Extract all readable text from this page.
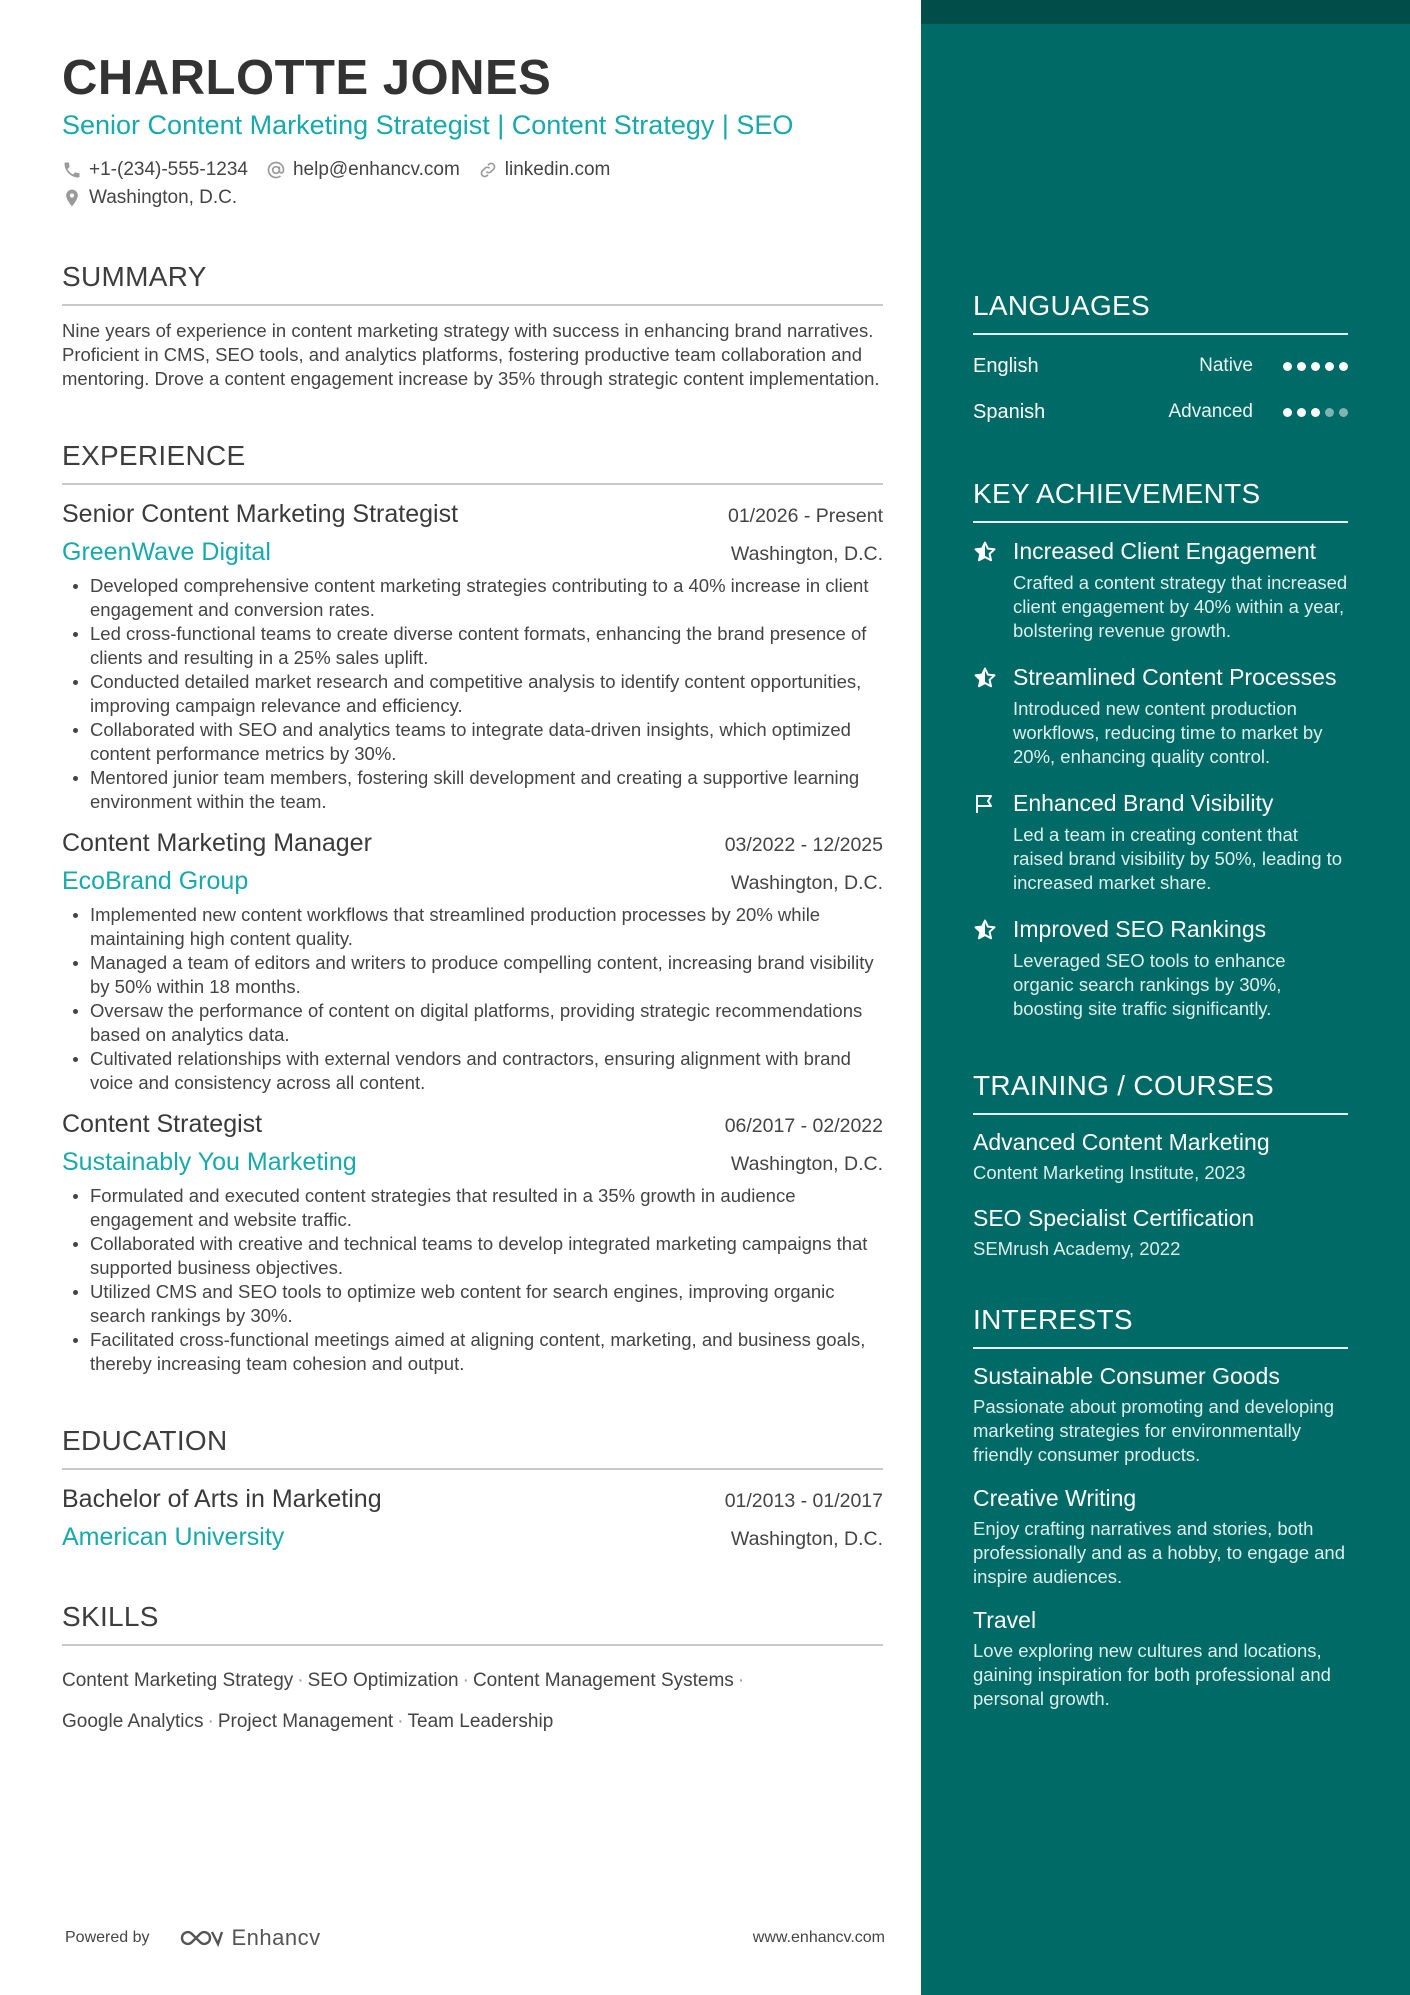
CHARLOTTE JONES
Senior Content Marketing Strategist | Content Strategy | SEO
+1-(234)-555-1234 help@enhancv.com linkedin.com
Washington, D.C.
SUMMARY
Nine years of experience in content marketing strategy with success in enhancing brand narratives. Proficient in CMS, SEO tools, and analytics platforms, fostering productive team collaboration and mentoring. Drove a content engagement increase by 35% through strategic content implementation.
EXPERIENCE
Senior Content Marketing Strategist	01/2026 - Present
GreenWave Digital	Washington, D.C.
Developed comprehensive content marketing strategies contributing to a 40% increase in client engagement and conversion rates.
Led cross-functional teams to create diverse content formats, enhancing the brand presence of clients and resulting in a 25% sales uplift.
Conducted detailed market research and competitive analysis to identify content opportunities, improving campaign relevance and efficiency.
Collaborated with SEO and analytics teams to integrate data-driven insights, which optimized content performance metrics by 30%.
Mentored junior team members, fostering skill development and creating a supportive learning environment within the team.
Content Marketing Manager	03/2022 - 12/2025
EcoBrand Group	Washington, D.C.
Implemented new content workflows that streamlined production processes by 20% while maintaining high content quality.
Managed a team of editors and writers to produce compelling content, increasing brand visibility by 50% within 18 months.
Oversaw the performance of content on digital platforms, providing strategic recommendations based on analytics data.
Cultivated relationships with external vendors and contractors, ensuring alignment with brand voice and consistency across all content.
Content Strategist	06/2017 - 02/2022
Sustainably You Marketing	Washington, D.C.
Formulated and executed content strategies that resulted in a 35% growth in audience engagement and website traffic.
Collaborated with creative and technical teams to develop integrated marketing campaigns that supported business objectives.
Utilized CMS and SEO tools to optimize web content for search engines, improving organic search rankings by 30%.
Facilitated cross-functional meetings aimed at aligning content, marketing, and business goals, thereby increasing team cohesion and output.
EDUCATION
Bachelor of Arts in Marketing	01/2013 - 01/2017
American University	Washington, D.C.
SKILLS
Content Marketing Strategy · SEO Optimization · Content Management Systems ·
Google Analytics · Project Management · Team Leadership
Powered by	Enhancv	www.enhancv.com
LANGUAGES
English	Native
Spanish	Advanced
KEY ACHIEVEMENTS
Increased Client Engagement
Crafted a content strategy that increased client engagement by 40% within a year, bolstering revenue growth.
Streamlined Content Processes
Introduced new content production workflows, reducing time to market by 20%, enhancing quality control.
Enhanced Brand Visibility
Led a team in creating content that raised brand visibility by 50%, leading to increased market share.
Improved SEO Rankings
Leveraged SEO tools to enhance organic search rankings by 30%, boosting site traffic significantly.
TRAINING / COURSES
Advanced Content Marketing
Content Marketing Institute, 2023
SEO Specialist Certification
SEMrush Academy, 2022
INTERESTS
Sustainable Consumer Goods
Passionate about promoting and developing marketing strategies for environmentally friendly consumer products.
Creative Writing
Enjoy crafting narratives and stories, both professionally and as a hobby, to engage and inspire audiences.
Travel
Love exploring new cultures and locations, gaining inspiration for both professional and personal growth.
